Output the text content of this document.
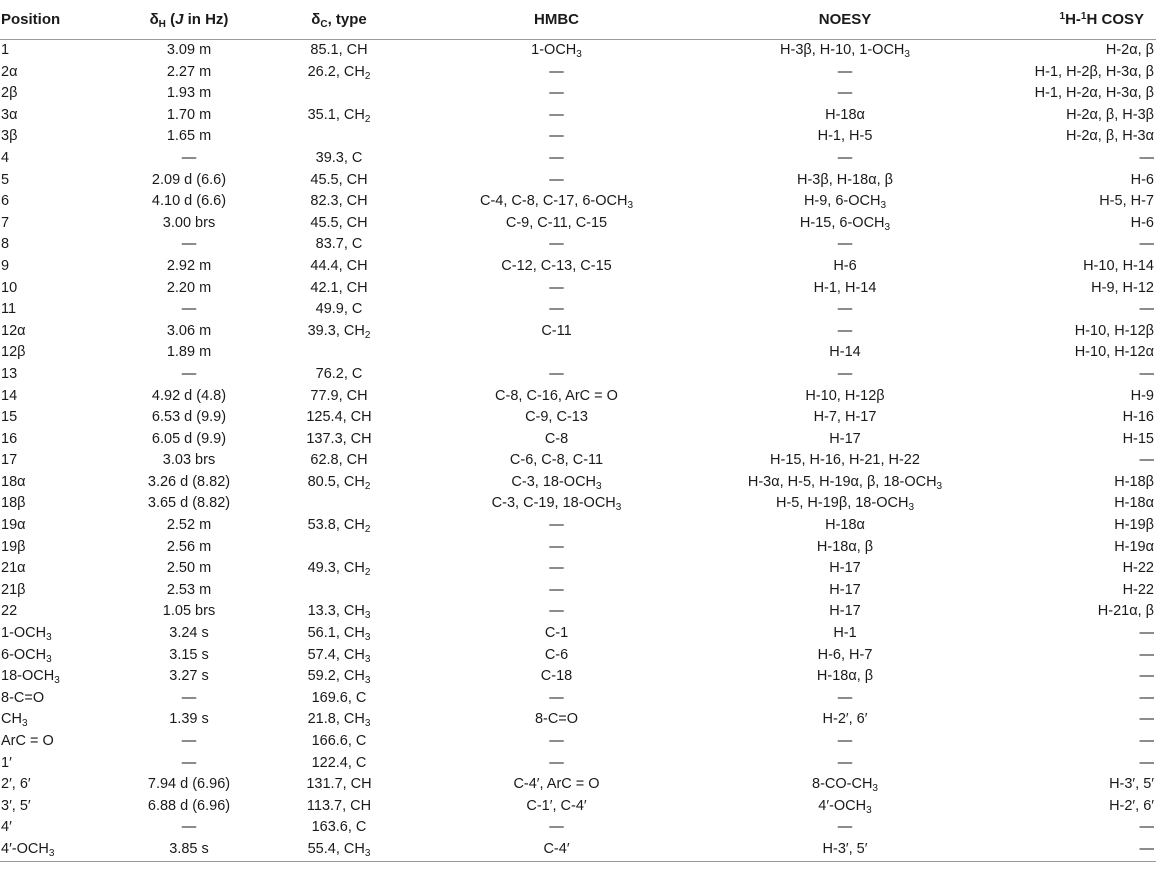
Position	$\delta_H$ (J in Hz)	$\delta_C$, type	HMBC	NOESY	$^1$H-$^1$H COSY
1	3.09 m	85.1, CH	$1-OCH_3$	H-3β, H-10, $1-OCH_3$	H-2α, β
2α	2.27 m	26.2, $CH_2$	—	—	H-1, H-2β, H-3α, β
2β	1.93 m		—	—	H-1, H-2α, H-3α, β
3α	1.70 m	35.1, $CH_2$	—	H-18α	H-2α, β, H-3β
3β	1.65 m		—	H-1, H-5	H-2α, β, H-3α
4	—	39.3, C	—	—	—
5	2.09 d (6.6)	45.5, CH	—	H-3β, H-18α, β	H-6
6	4.10 d (6.6)	82.3, CH	C-4, C-8, C-17, $6-OCH_3$	H-9, $6-OCH_3$	H-5, H-7
7	3.00 brs	45.5, CH	C-9, C-11, C-15	H-15, $6-OCH_3$	H-6
8	—	83.7, C	—	—	—
9	2.92 m	44.4, CH	C-12, C-13, C-15	H-6	H-10, H-14
10	2.20 m	42.1, CH	—	H-1, H-14	H-9, H-12
11	—	49.9, C	—	—	—
12α	3.06 m	39.3, $CH_2$	C-11	—	H-10, H-12β
12β	1.89 m			H-14	H-10, H-12α
13	—	76.2, C	—	—	—
14	4.92 d (4.8)	77.9, CH	C-8, C-16, ArC = O	H-10, H-12β	H-9
15	6.53 d (9.9)	125.4, CH	C-9, C-13	H-7, H-17	H-16
16	6.05 d (9.9)	137.3, CH	C-8	H-17	H-15
17	3.03 brs	62.8, CH	C-6, C-8, C-11	H-15, H-16, H-21, H-22	—
18α	3.26 d (8.82)	80.5, $CH_2$	C-3, $18-OCH_3$	H-3α, H-5, H-19α, β, $18-OCH_3$	H-18β
18β	3.65 d (8.82)		C-3, C-19, $18-OCH_3$	H-5, H-19β, $18-OCH_3$	H-18α
19α	2.52 m	53.8, $CH_2$	—	H-18α	H-19β
19β	2.56 m		—	H-18α, β	H-19α
21α	2.50 m	49.3, $CH_2$	—	H-17	H-22
21β	2.53 m		—	H-17	H-22
22	1.05 brs	13.3, $CH_3$	—	H-17	H-21α, β
$1-OCH_3$	3.24 s	56.1, $CH_3$	C-1	H-1	—
$6-OCH_3$	3.15 s	57.4, $CH_3$	C-6	H-6, H-7	—
$18-OCH_3$	3.27 s	59.2, $CH_3$	C-18	H-18α, β	—
8-C=O	—	169.6, C	—	—	—
$CH_3$	1.39 s	21.8, $CH_3$	8-C=O	H-2′, 6′	—
ArC = O	—	166.6, C	—	—	—
1′	—	122.4, C	—	—	—
2′, 6′	7.94 d (6.96)	131.7, CH	C-4′, ArC = O	$8-CO-CH_3$	H-3′, 5′
3′, 5′	6.88 d (6.96)	113.7, CH	C-1′, C-4′	$4'-OCH_3$	H-2′, 6′
4′	—	163.6, C	—	—	—
$4'-OCH_3$	3.85 s	55.4, $CH_3$	C-4′	H-3′, 5′	—
